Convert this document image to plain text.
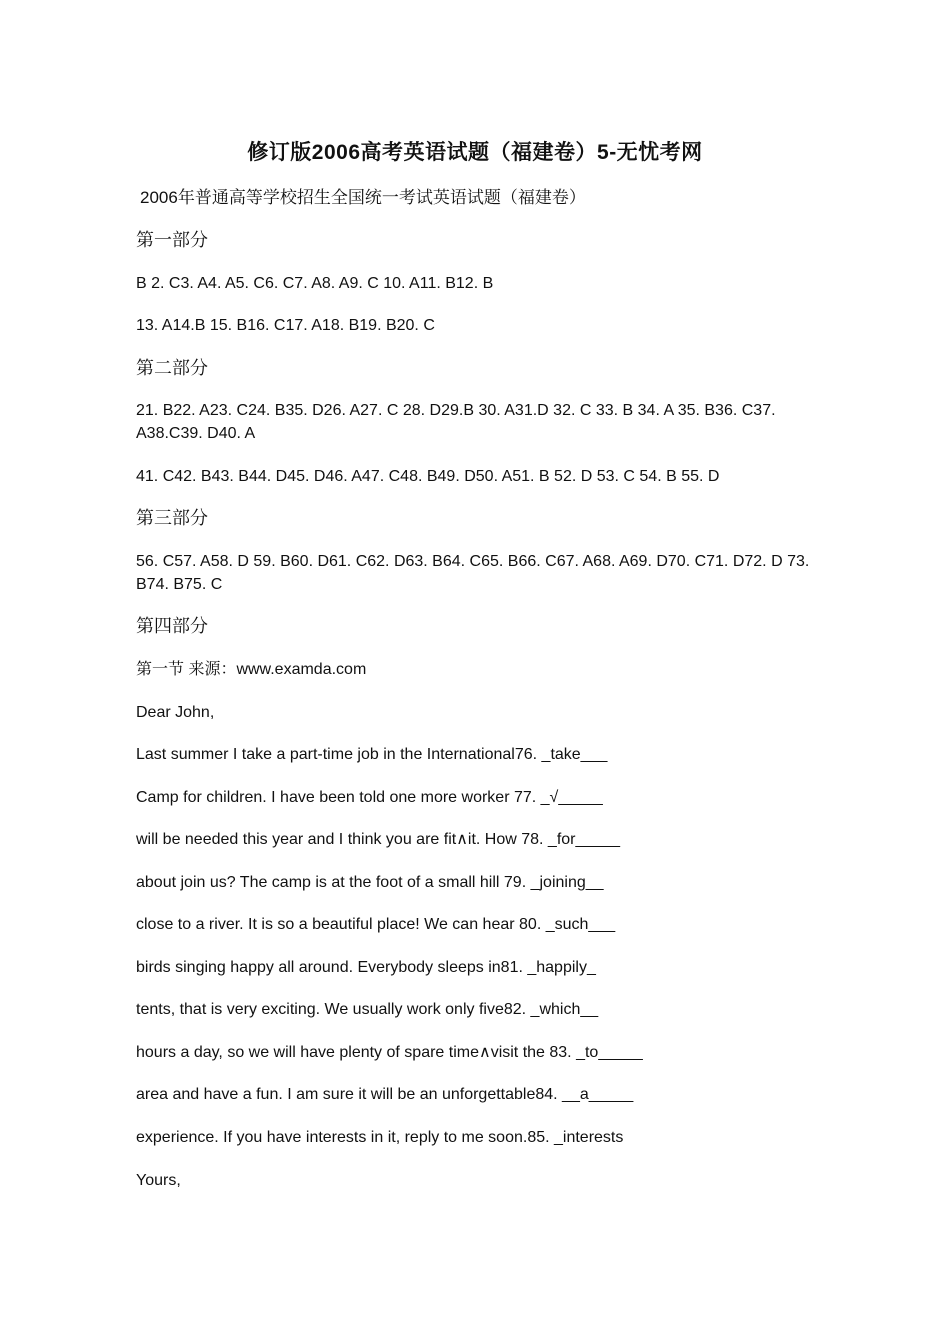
修订版2006高考英语试题（福建卷）5-无忧考网
2006年普通高等学校招生全国统一考试英语试题（福建卷）
第一部分
B 2. C3. A4. A5. C6. C7. A8. A9. C 10. A11. B12. B
13. A14.B 15. B16. C17. A18. B19. B20. C
第二部分
21. B22. A23. C24. B35. D26. A27. C 28. D29.B 30. A31.D 32. C 33. B 34. A 35. B36. C37. A38.C39. D40. A
41. C42. B43. B44. D45. D46. A47. C48. B49. D50. A51. B 52. D 53. C 54. B 55. D
第三部分
56. C57. A58. D 59. B60. D61. C62. D63. B64. C65. B66. C67. A68. A69. D70. C71. D72. D 73. B74. B75. C
第四部分
第一节 来源：www.examda.com
Dear John,
Last summer I take a part-time job in the International76. _take___
Camp for children. I have been told one more worker 77. _√_____
will be needed this year and I think you are fit∧it. How 78. _for_____
about join us? The camp is at the foot of a small hill 79. _joining__
close to a river. It is so a beautiful place! We can hear 80. _such___
birds singing happy all around. Everybody sleeps in81. _happily_
tents, that is very exciting. We usually work only five82. _which__
hours a day, so we will have plenty of spare time∧visit the 83. _to_____
area and have a fun. I am sure it will be an unforgettable84. __a_____
experience. If you have interests in it, reply to me soon.85. _interests
Yours,
